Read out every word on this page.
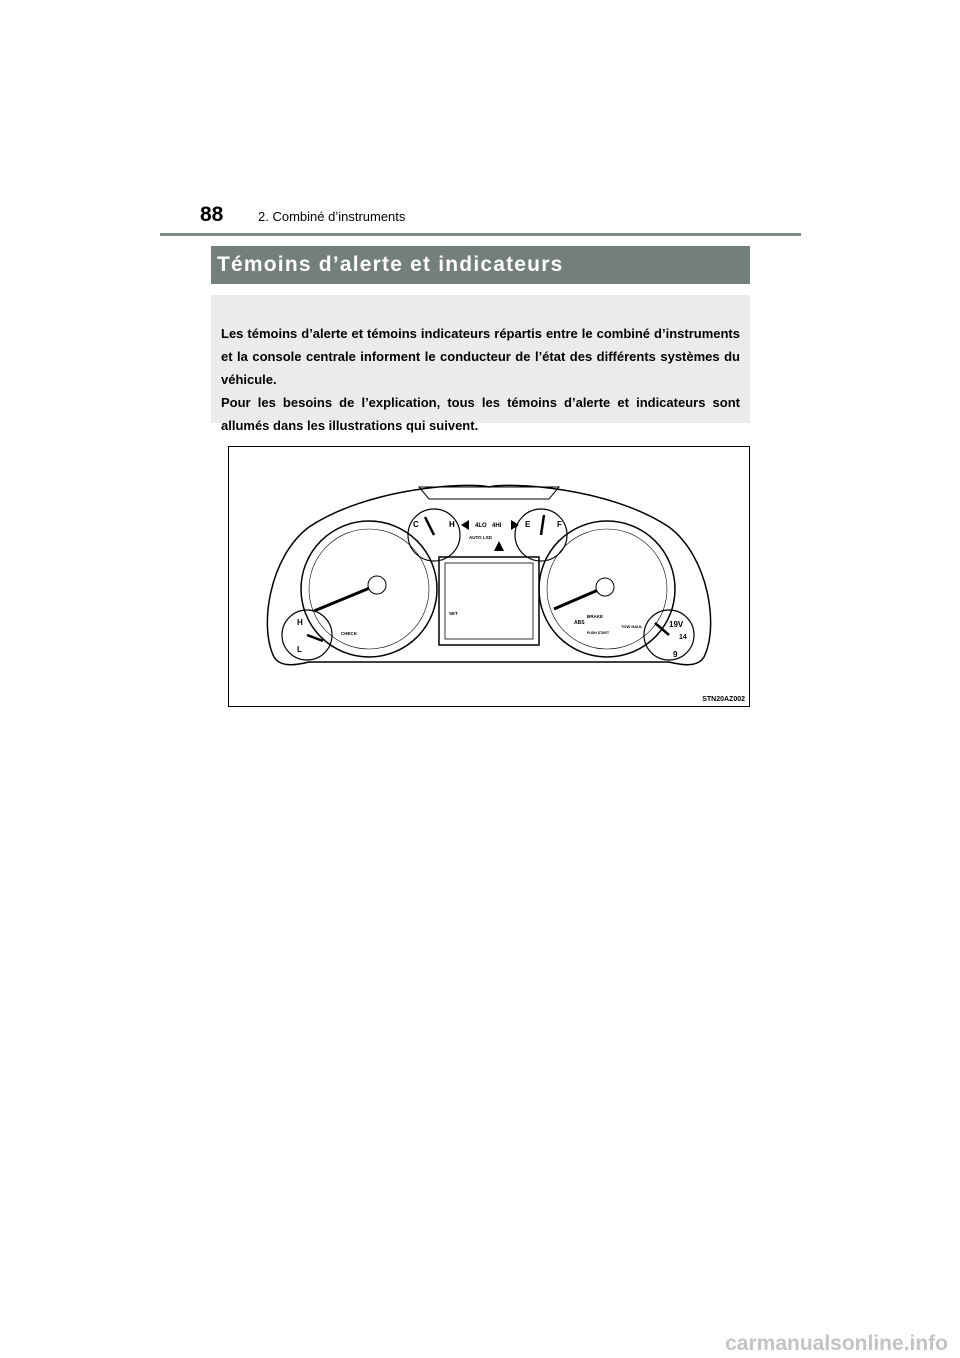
88	2. Combiné d’instruments
Témoins d’alerte et indicateurs

Les témoins d’alerte et témoins indicateurs répartis entre le combiné d’instruments et la console centrale informent le conducteur de l’état des différents systèmes du véhicule.

Pour les besoins de l’explication, tous les témoins d’alerte et indicateurs sont allumés dans les illustrations qui suivent.

C	H	E	F
H
L
19V
14
9
4LO 4HI
AUTO LSD
CHECK
SET
ABS
BRAKE
TOW HAUL
PUSH START
STN20AZ002
carmanualsonline.info
